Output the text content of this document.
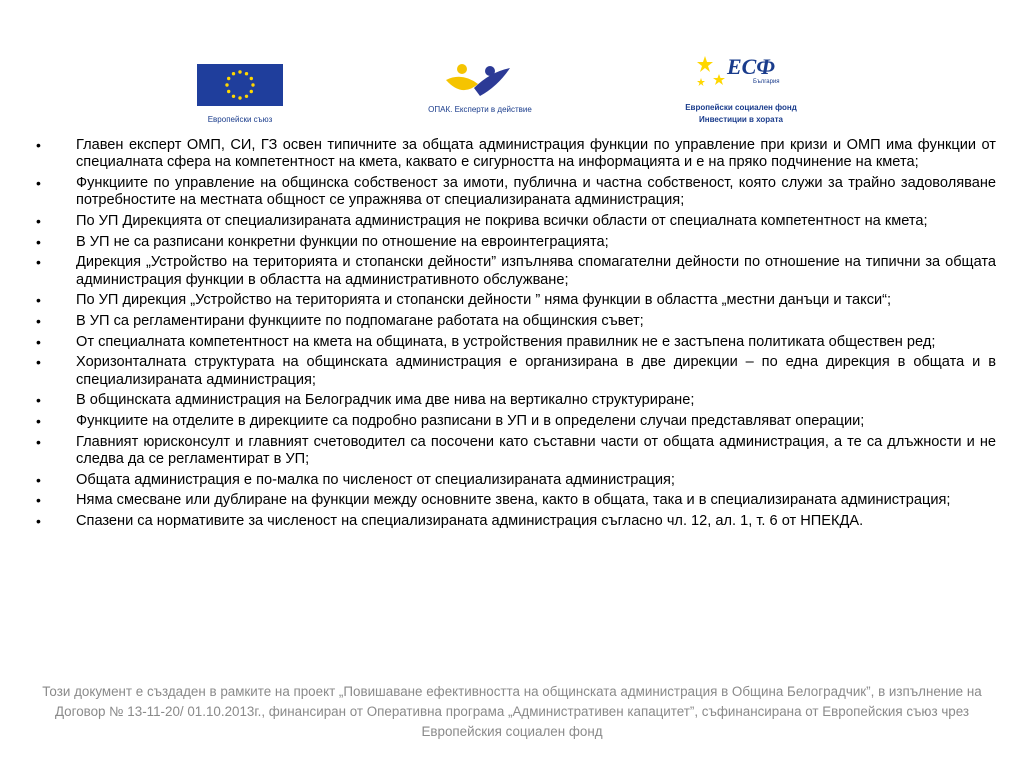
Европейски съюз
ОПАК. Експерти в действие
ЕСФ
България
Европейски социален фонд
Инвестиции в хората
• Главен експерт ОМП, СИ, ГЗ освен типичните за общата администрация функции по управление при кризи и ОМП има функции от специалната сфера на компетентност на кмета, каквато е сигурността на информацията и е на пряко подчинение на кмета;
• Функциите по управление на общинска собственост за имоти, публична и частна собственост, която служи за трайно задоволяване потребностите на местната общност се упражнява от специализираната администрация;
• По УП Дирекцията от специализираната администрация не покрива всички области от специалната компетентност на кмета;
• В УП не са разписани конкретни функции по отношение на евроинтеграцията;
• Дирекция „Устройство на територията и стопански дейности” изпълнява спомагателни дейности по отношение на типични за общата администрация функции в областта на административното обслужване;
• По УП дирекция „Устройство на територията и стопански дейности ” няма функции в областта „местни данъци и такси“;
• В УП са регламентирани функциите по подпомагане работата на общинския съвет;
• От специалната компетентност на кмета на общината, в устройствения правилник не е застъпена политиката обществен ред;
• Хоризонталната структурата на общинската администрация е организирана в две дирекции – по една дирекция в общата и в специализираната администрация;
• В общинската администрация на Белоградчик има две нива на вертикално структуриране;
• Функциите на отделите в дирекциите са подробно разписани в УП и в определени случаи представляват операции;
• Главният юрисконсулт и главният счетоводител са посочени като съставни части от общата администрация, а те са длъжности и не следва да се регламентират в УП;
• Общата администрация е по-малка по численост от специализираната администрация;
• Няма смесване или дублиране на функции между основните звена, както в общата, така и в специализираната администрация;
• Спазени са нормативите за численост на специализираната администрация съгласно чл. 12, ал. 1, т. 6 от НПЕКДА.
Този документ е създаден в рамките на проект „Повишаване ефективността на общинската администрация в Община Белоградчик”, в изпълнение на Договор № 13-11-20/ 01.10.2013г., финансиран от Оперативна програма „Административен капацитет”, съфинансирана от Европейския съюз чрез Европейския социален фонд
